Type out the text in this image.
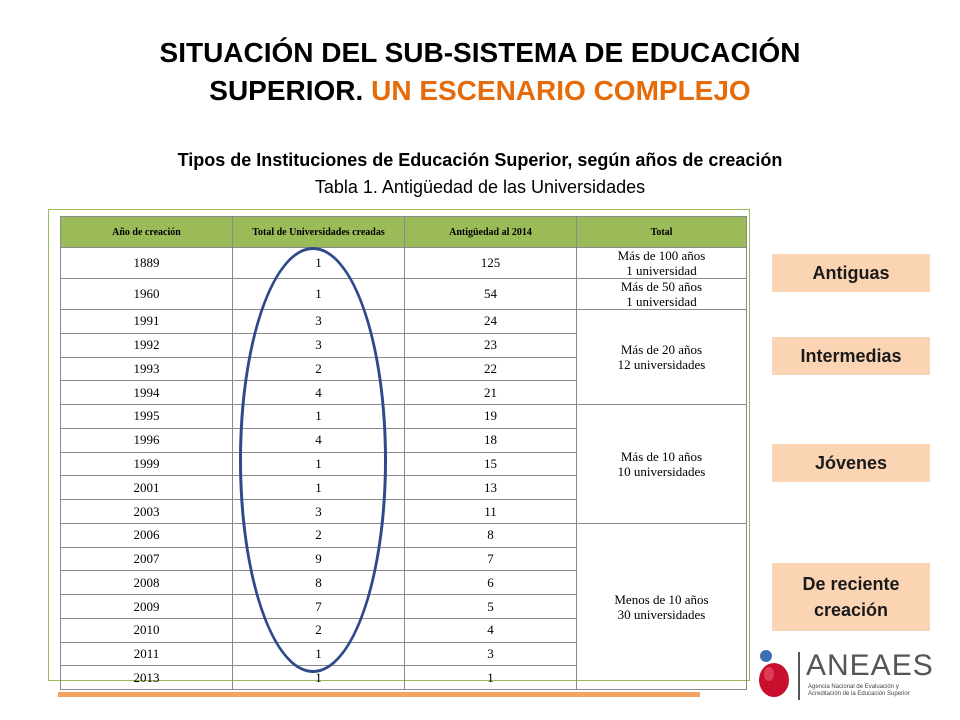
SITUACIÓN DEL SUB-SISTEMA DE EDUCACIÓN
SUPERIOR. UN ESCENARIO COMPLEJO

Tipos de Instituciones de Educación Superior, según años de creación

Tabla 1. Antigüedad de las Universidades

Año de creación	Total de Universidades creadas	Antigüedad al 2014	Total
1889	1	125	Más de 100 años
1 universidad

1960	1	54	Más de 50 años
1 universidad

1991	3	24	Más de 20 años
12 universidades

1992	3	23	
1993	2	22	
1994	4	21	
1995	1	19	Más de 10 años
10 universidades

1996	4	18	
1999	1	15	
2001	1	13	
2003	3	11	
2006	2	8	Menos de 10 años
30 universidades

2007	9	7	
2008	8	6	
2009	7	5	
2010	2	4	
2011	1	3	
2013	1	1	
Antiguas
Intermedias
Jóvenes
De reciente
creación
ANEAES
Agencia Nacional de Evaluación y
Acreditación de la Educación Superior
